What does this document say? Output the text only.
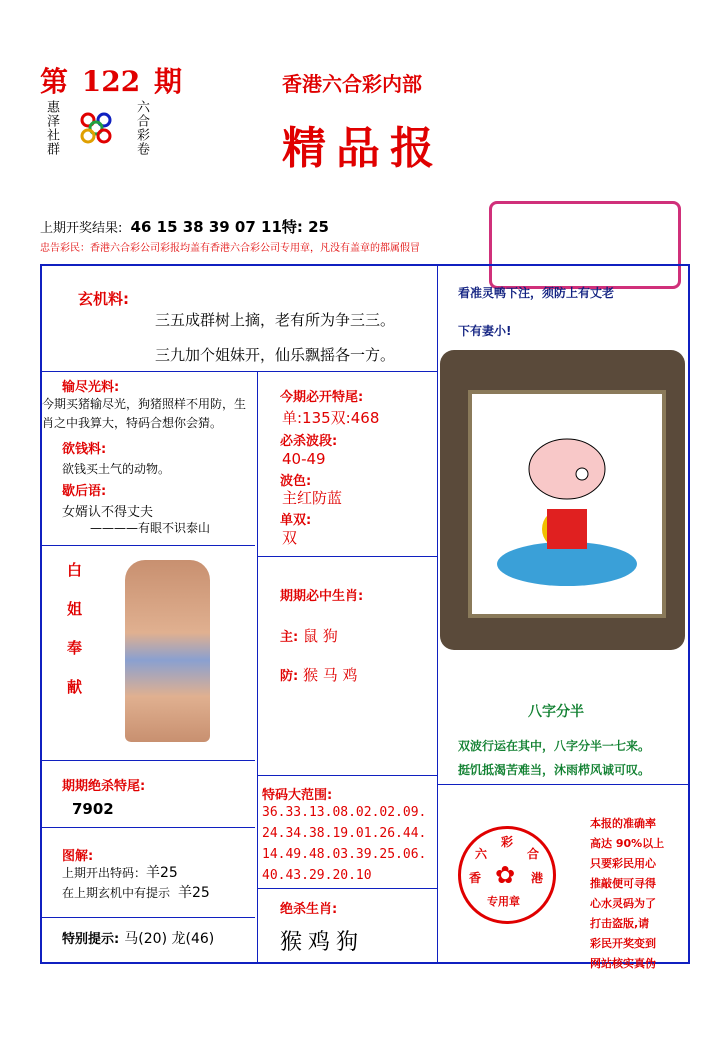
第 122 期
惠泽社群	六合彩卷
香港六合彩内部
精品报
上期开奖结果: 46 15 38 39 07 11特: 25
忠告彩民：香港六合彩公司彩报均盖有香港六合彩公司专用章，凡没有盖章的都属假冒
玄机料:
三五成群树上摘，老有所为争三三。
三九加个姐妹开，仙乐飘摇各一方。
输尽光料:
今期买猪输尽光，狗猪照样不用防，生肖之中我算大，特码合想你会猜。
欲钱料:
欲钱买土气的动物。
歇后语:
女婿认不得丈夫
————有眼不识泰山
今期必开特尾:
单:135双:468
必杀波段:
40-49
波色:
主红防蓝
单双:
双
看准灵鸭下注，须防上有丈老
下有妻小!
八字分半
双波行运在其中，八字分半一七来。
挺饥抵渴苦难当，沐雨栉风诚可叹。
白姐奉献	期期必中生肖:
主: 鼠 狗
防: 猴 马 鸡
期期绝杀特尾:
7902
特码大范围:
36.33.13.08.02.02.09.
24.34.38.19.01.26.44.
14.49.48.03.39.25.06.
40.43.29.20.10
图解:
上期开出特码：羊25
在上期玄机中有提示 羊25
特别提示: 马(20) 龙(46)
绝杀生肖:
猴鸡狗
六
彩
合
香	港
专用章
✿
本报的准确率
高达 90%以上
只要彩民用心
推敲便可寻得
心水灵码为了
打击盗版,请
彩民开奖变到
网站核实真伪
